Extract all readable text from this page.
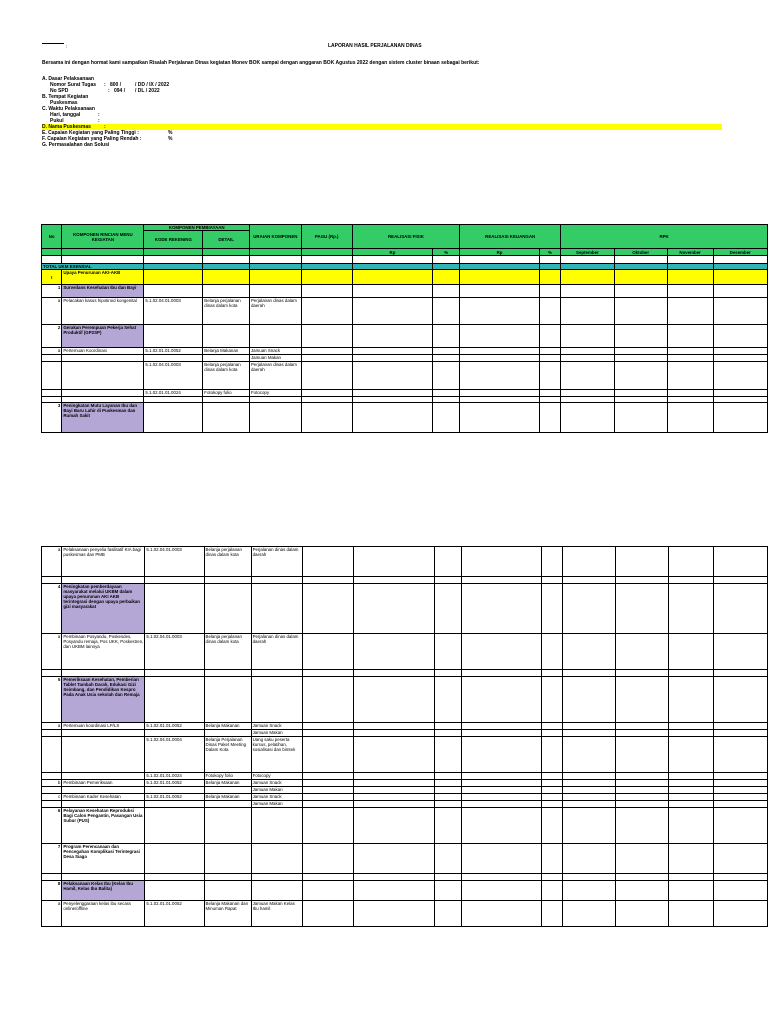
:	LAPORAN HASIL PERJALANAN DINAS
Bersama ini dengan hormat kami sampaikan Risalah Perjalanan Dinas kegiatan Monev BOK sampai dengan anggaran BOK Agustus 2022 dengan sistem cluster binaan sebagai berikut:
A. Dasar Pelaksanaan
Nomor Surat Tugas : 800 /	/ DD / IX / 2022
No SPD	: 094 / / DL / 2022
B. Tempat Kegiatan
Puskesmas
C. Waktu Pelaksanaan
Hari, tanggal	:
Pukul	:
D. Nama Puskesmas	:
E. Capaian Kegiatan yang Paling Tinggi :	%
F. Capaian Kegiatan yang Paling Rendah :	%
G. Permasalahan dan Solusi
No	KOMPONEN RINCIAN MENU KEGIATAN	KOMPONEN PEMBIAYAAN		URAIAN KOMPONEN	PAGU (Rp.)	REALISASI FISIK		REALISASI KEUANGAN		RPK			
		KODE REKENING	DETAIL										

						Rp	%	Rp	%	September	Oktober	November	Desember

TOTAL UKM ESENSIAL													
I	Upaya Penurunan AKI-AKB												
1	Surveilans Kesehatan Ibu dan Bayi												
a	Pelacakan kasus hipotiroid kongenital	5.1.02.04.01.0003	Belanja perjalanan dinas dalam kota	Perjalanan dinas dalam daerah									
2	Gerakan Perempuan Pekerja Sehat Produktif (GP2SP)												
a	Pertemuan Koordinasi	5.1.02.01.01.0052	Belanja Makanan	Jamuan Snack									
				Jamuan Makan									
		5.1.02.04.01.0003	Belanja perjalanan dinas dalam kota	Perjalanan dinas dalam daerah									
		5.1.02.01.01.0024	Fotokopy folio	Fotocopy									

3	Peningkatan Mutu Layanan Ibu dan Bayi Baru Lahir di Puskesmas dan Rumah Sakit												
a	Pelaksanaan penyelia fasilitatif KIA bagi puskesmas dan PMB	5.1.02.04.01.0003	Belanja perjalanan dinas dalam kota	Perjalanan dinas dalam daerah									

4	Peningkatan pemberdayaan masyarakat melalui UKBM dalam upaya penurunan AKI AKB terintegrasi dengan upaya perbaikan gizi masyarakat												
a	Pembinaan Posyandu, Poskesdes, Posyandu remaja, Pos UKK, Poskestren, dan UKBM lainnya	5.1.02.04.01.0003	Belanja perjalanan dinas dalam kota	Perjalanan dinas dalam daerah									

5	Pemeriksaan Kesehatan, Pemberian Tablet Tambah Darah, Edukasi Gizi Seimbang, dan Pendidikan Kespro Pada Anak Usia sekolah dan Remaja												
a	Pertemuan koordinasi LP/LS	5.1.02.01.01.0052	Belanja Makanan	Jamuan Snack									
				Jamuan Makan									
		5.1.02.04.01.0004	Belanja Perjalanan Dinas Paket Meeting Dalam Kota	Uang saku peserta kursus, pelatihan, sosialisasi dan bimtek									
		5.1.02.01.01.0024	Fotokopy folio	Fotocopy									
b	Pembinaan Pemeriksaan	5.1.02.01.01.0052	Belanja Makanan	Jamuan Snack									
				Jamuan Makan									
c	Pembinaan Kader Kesehatan	5.1.02.01.01.0052	Belanja Makanan	Jamuan Snack									
				Jamuan Makan									
6	Pelayanan Kesehatan Reproduksi Bagi Calon Pengantin, Pasangan Usia Subur (PUS)												
7	Program Perencanaan dan Pencegahan Komplikasi Terintegrasi Desa Siaga												

8	Pelaksanaan Kelas Ibu (Kelas Ibu Hamil, Kelas Ibu Balita)												
a	Penyelenggaraan kelas ibu secara online/offline	5.1.02.01.01.0052	Belanja Makanan dan Minuman Rapat	Jamuan Makan Kelas Ibu hamil									
